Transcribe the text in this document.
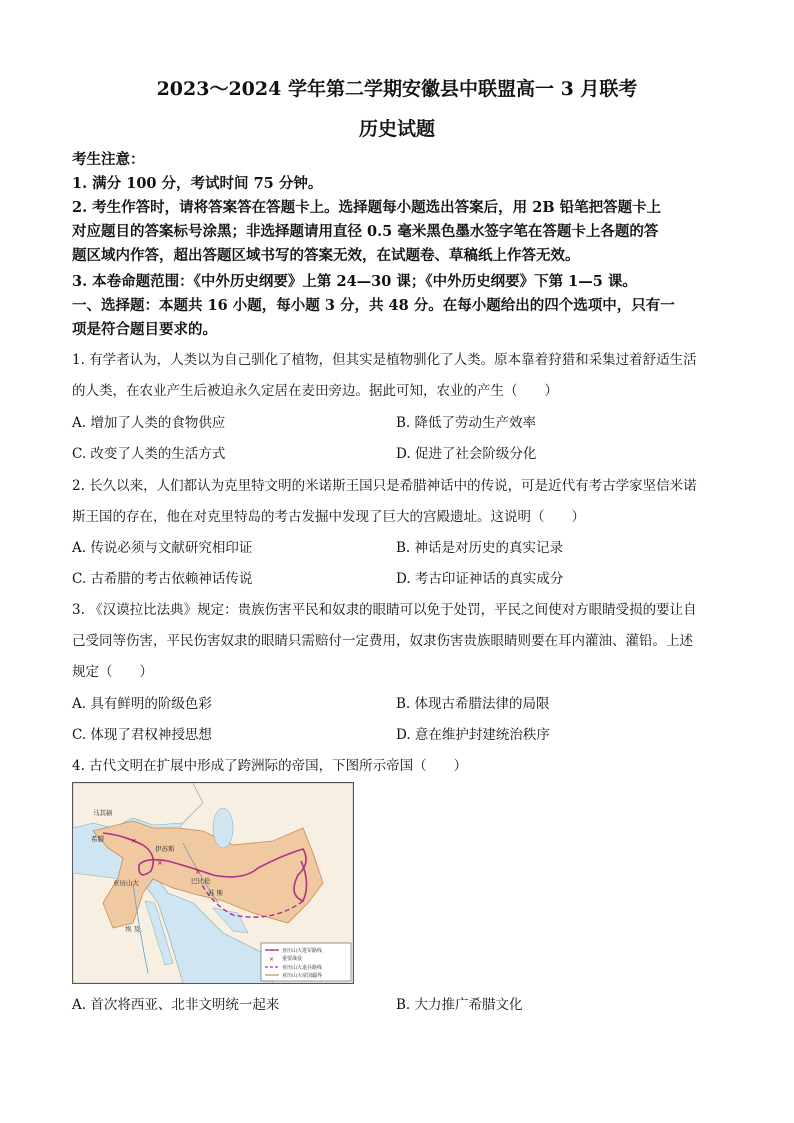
2023～2024 学年第二学期安徽县中联盟高一 3 月联考
历史试题
考生注意：
1. 满分 100 分，考试时间 75 分钟。
2. 考生作答时，请将答案答在答题卡上。选择题每小题选出答案后，用 2B 铅笔把答题卡上
对应题目的答案标号涂黑；非选择题请用直径 0.5 毫米黑色墨水签字笔在答题卡上各题的答
题区域内作答，超出答题区域书写的答案无效，在试题卷、草稿纸上作答无效。
3. 本卷命题范围：《中外历史纲要》上第 24—30 课；《中外历史纲要》下第 1—5 课。
一、选择题：本题共 16 小题，每小题 3 分，共 48 分。在每小题给出的四个选项中，只有一
项是符合题目要求的。
1. 有学者认为，人类以为自己驯化了植物，但其实是植物驯化了人类。原本靠着狩猎和采集过着舒适生活
的人类，在农业产生后被迫永久定居在麦田旁边。据此可知，农业的产生（　　）
A. 增加了人类的食物供应	B. 降低了劳动生产效率
C. 改变了人类的生活方式	D. 促进了社会阶级分化
2. 长久以来，人们都认为克里特文明的米诺斯王国只是希腊神话中的传说，可是近代有考古学家坚信米诺
斯王国的存在，他在对克里特岛的考古发掘中发现了巨大的宫殿遗址。这说明（　　）
A. 传说必须与文献研究相印证	B. 神话是对历史的真实记录
C. 古希腊的考古依赖神话传说	D. 考古印证神话的真实成分
3. 《汉谟拉比法典》规定：贵族伤害平民和奴隶的眼睛可以免于处罚，平民之间使对方眼睛受损的要让自
己受同等伤害，平民伤害奴隶的眼睛只需赔付一定费用，奴隶伤害贵族眼睛则要在耳内灌油、灌铅。上述
规定（　　）
A. 具有鲜明的阶级色彩	B. 体现古希腊法律的局限
C. 体现了君权神授思想	D. 意在维护封建统治秩序
4. 古代文明在扩展中形成了跨洲际的帝国，下图所示帝国（　　）
×
×
×
马其顿
希腊
伊苏斯
巴比伦
亚历山大
埃 及
苏 斯
亚历山大进军路线
× 重要战役
亚历山大退兵路线
亚历山大帝国疆界
A. 首次将西亚、北非文明统一起来	B. 大力推广希腊文化
